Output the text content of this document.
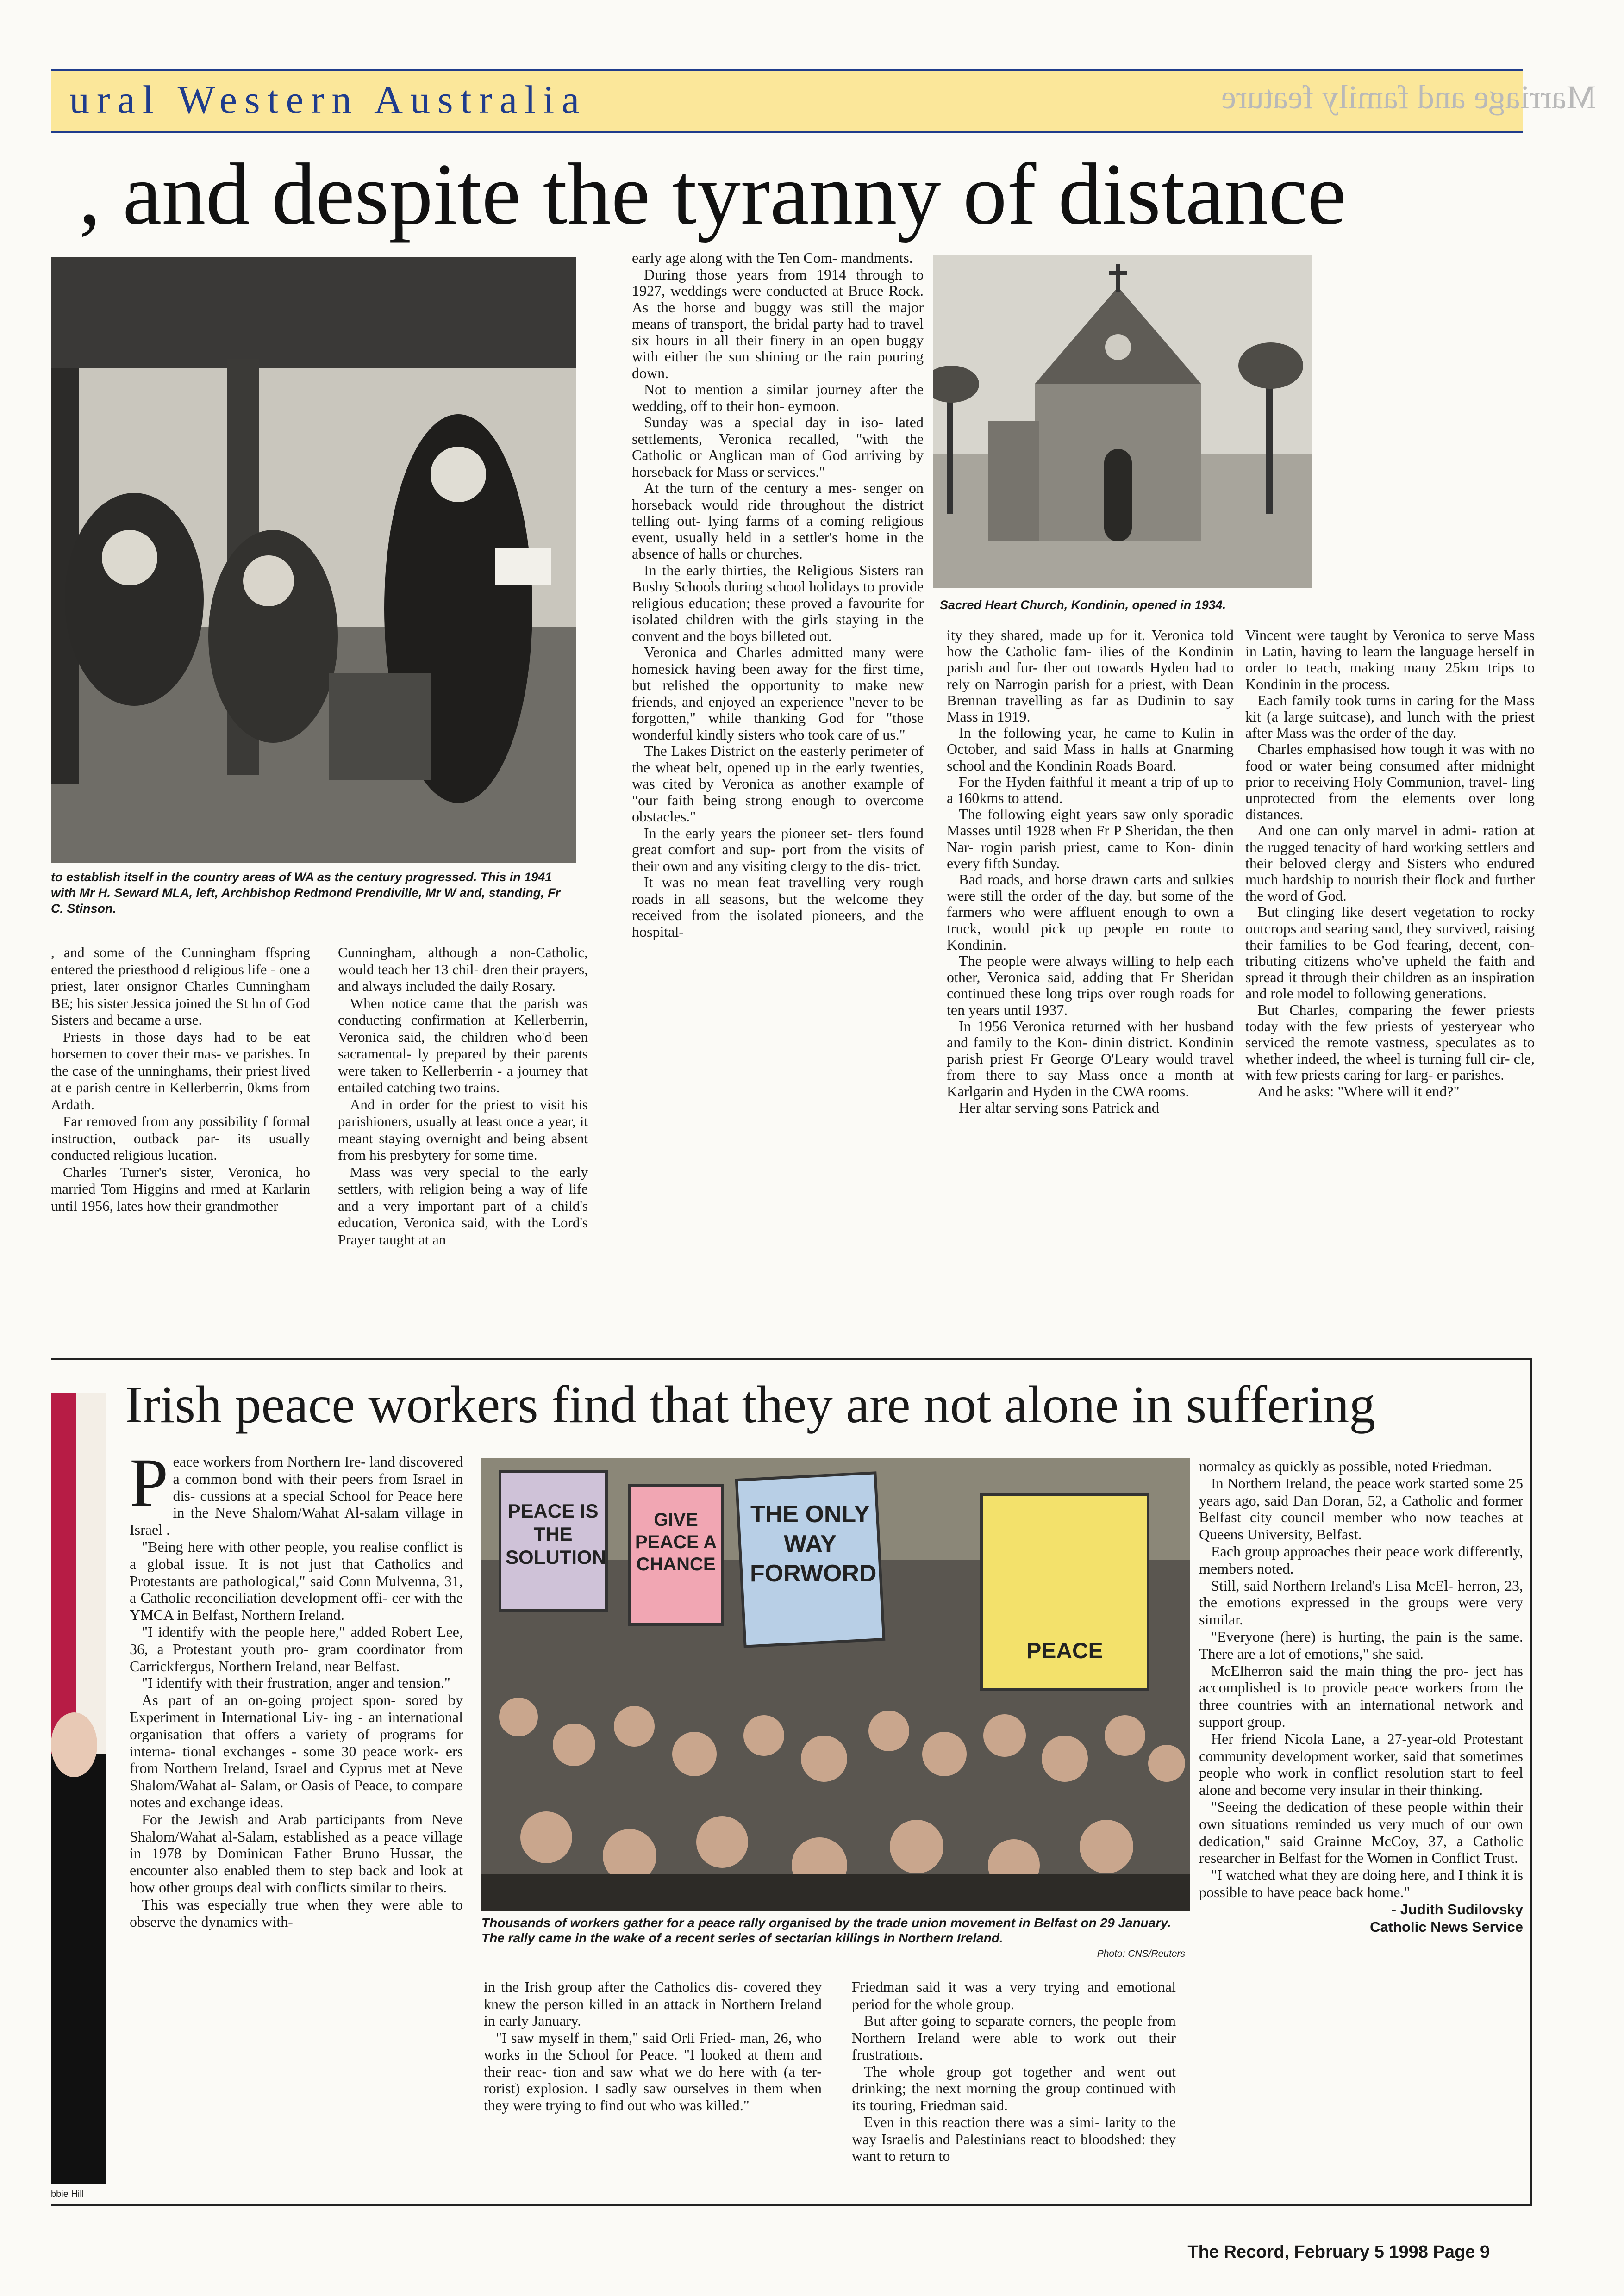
ural Western Australia	Marriage and family feature
, and despite the tyranny of distance
to establish itself in the country areas of WA as the century progressed. This in 1941 with Mr H. Seward MLA, left, Archbishop Redmond Prendiville, Mr W and, standing, Fr C. Stinson.
Sacred Heart Church, Kondinin, opened in 1934.

, and some of the Cunningham ffspring entered the priesthood d religious life - one a priest, later onsignor Charles Cunningham BE; his sister Jessica joined the St hn of God Sisters and became a urse.

Priests in those days had to be eat horsemen to cover their mas- ve parishes. In the case of the unninghams, their priest lived at e parish centre in Kellerberrin, 0kms from Ardath.

Far removed from any possibility f formal instruction, outback par- its usually conducted religious lucation.

Charles Turner's sister, Veronica, ho married Tom Higgins and rmed at Karlarin until 1956, lates how their grandmother

Cunningham, although a non-Catholic, would teach her 13 chil- dren their prayers, and always included the daily Rosary.

When notice came that the parish was conducting confirmation at Kellerberrin, Veronica said, the children who'd been sacramental- ly prepared by their parents were taken to Kellerberrin - a journey that entailed catching two trains.

And in order for the priest to visit his parishioners, usually at least once a year, it meant staying overnight and being absent from his presbytery for some time.

Mass was very special to the early settlers, with religion being a way of life and a very important part of a child's education, Veronica said, with the Lord's Prayer taught at an

early age along with the Ten Com- mandments.

During those years from 1914 through to 1927, weddings were conducted at Bruce Rock. As the horse and buggy was still the major means of transport, the bridal party had to travel six hours in all their finery in an open buggy with either the sun shining or the rain pouring down.

Not to mention a similar journey after the wedding, off to their hon- eymoon.

Sunday was a special day in iso- lated settlements, Veronica recalled, "with the Catholic or Anglican man of God arriving by horseback for Mass or services."

At the turn of the century a mes- senger on horseback would ride throughout the district telling out- lying farms of a coming religious event, usually held in a settler's home in the absence of halls or churches.

In the early thirties, the Religious Sisters ran Bushy Schools during school holidays to provide religious education; these proved a favourite for isolated children with the girls staying in the convent and the boys billeted out.

Veronica and Charles admitted many were homesick having been away for the first time, but relished the opportunity to make new friends, and enjoyed an experience "never to be forgotten," while thanking God for "those wonderful kindly sisters who took care of us."

The Lakes District on the easterly perimeter of the wheat belt, opened up in the early twenties, was cited by Veronica as another example of "our faith being strong enough to overcome obstacles."

In the early years the pioneer set- tlers found great comfort and sup- port from the visits of their own and any visiting clergy to the dis- trict.

It was no mean feat travelling very rough roads in all seasons, but the welcome they received from the isolated pioneers, and the hospital-

ity they shared, made up for it. Veronica told how the Catholic fam- ilies of the Kondinin parish and fur- ther out towards Hyden had to rely on Narrogin parish for a priest, with Dean Brennan travelling as far as Dudinin to say Mass in 1919.

In the following year, he came to Kulin in October, and said Mass in halls at Gnarming school and the Kondinin Roads Board.

For the Hyden faithful it meant a trip of up to a 160kms to attend.

The following eight years saw only sporadic Masses until 1928 when Fr P Sheridan, the then Nar- rogin parish priest, came to Kon- dinin every fifth Sunday.

Bad roads, and horse drawn carts and sulkies were still the order of the day, but some of the farmers who were affluent enough to own a truck, would pick up people en route to Kondinin.

The people were always willing to help each other, Veronica said, adding that Fr Sheridan continued these long trips over rough roads for ten years until 1937.

In 1956 Veronica returned with her husband and family to the Kon- dinin district. Kondinin parish priest Fr George O'Leary would travel from there to say Mass once a month at Karlgarin and Hyden in the CWA rooms.

Her altar serving sons Patrick and

Vincent were taught by Veronica to serve Mass in Latin, having to learn the language herself in order to teach, making many 25km trips to Kondinin in the process.

Each family took turns in caring for the Mass kit (a large suitcase), and lunch with the priest after Mass was the order of the day.

Charles emphasised how tough it was with no food or water being consumed after midnight prior to receiving Holy Communion, travel- ling unprotected from the elements over long distances.

And one can only marvel in admi- ration at the rugged tenacity of hard working settlers and their beloved clergy and Sisters who endured much hardship to nourish their flock and further the word of God.

But clinging like desert vegetation to rocky outcrops and searing sand, they survived, raising their families to be God fearing, decent, con- tributing citizens who've upheld the faith and spread it through their children as an inspiration and role model to following generations.

But Charles, comparing the fewer priests today with the few priests of yesteryear who serviced the remote vastness, speculates as to whether indeed, the wheel is turning full cir- cle, with few priests caring for larg- er parishes.

And he asks: "Where will it end?"

bbie Hill
Irish peace workers find that they are not alone in suffering

Peace workers from Northern Ire- land discovered a common bond with their peers from Israel in dis- cussions at a special School for Peace here in the Neve Shalom/Wahat Al-salam village in Israel .

"Being here with other people, you realise conflict is a global issue. It is not just that Catholics and Protestants are pathological," said Conn Mulvenna, 31, a Catholic reconciliation development offi- cer with the YMCA in Belfast, Northern Ireland.

"I identify with the people here," added Robert Lee, 36, a Protestant youth pro- gram coordinator from Carrickfergus, Northern Ireland, near Belfast.

"I identify with their frustration, anger and tension."

As part of an on-going project spon- sored by Experiment in International Liv- ing - an international organisation that offers a variety of programs for interna- tional exchanges - some 30 peace work- ers from Northern Ireland, Israel and Cyprus met at Neve Shalom/Wahat al- Salam, or Oasis of Peace, to compare notes and exchange ideas.

For the Jewish and Arab participants from Neve Shalom/Wahat al-Salam, established as a peace village in 1978 by Dominican Father Bruno Hussar, the encounter also enabled them to step back and look at how other groups deal with conflicts similar to theirs.

This was especially true when they were able to observe the dynamics with-

PEACE IS THE SOLUTION
GIVE PEACE A CHANCE
THE ONLY WAY FORWORD
PEACE
Thousands of workers gather for a peace rally organised by the trade union movement in Belfast on 29 January. The rally came in the wake of a recent series of sectarian killings in Northern Ireland.
Photo: CNS/Reuters

in the Irish group after the Catholics dis- covered they knew the person killed in an attack in Northern Ireland in early January.

"I saw myself in them," said Orli Fried- man, 26, who works in the School for Peace. "I looked at them and their reac- tion and saw what we do here with (a ter- rorist) explosion. I sadly saw ourselves in them when they were trying to find out who was killed."

Friedman said it was a very trying and emotional period for the whole group.

But after going to separate corners, the people from Northern Ireland were able to work out their frustrations.

The whole group got together and went out drinking; the next morning the group continued with its touring, Friedman said.

Even in this reaction there was a simi- larity to the way Israelis and Palestinians react to bloodshed: they want to return to

normalcy as quickly as possible, noted Friedman.

In Northern Ireland, the peace work started some 25 years ago, said Dan Doran, 52, a Catholic and former Belfast city council member who now teaches at Queens University, Belfast.

Each group approaches their peace work differently, members noted.

Still, said Northern Ireland's Lisa McEl- herron, 23, the emotions expressed in the groups were very similar.

"Everyone (here) is hurting, the pain is the same. There are a lot of emotions," she said.

McElherron said the main thing the pro- ject has accomplished is to provide peace workers from the three countries with an international network and support group.

Her friend Nicola Lane, a 27-year-old Protestant community development worker, said that sometimes people who work in conflict resolution start to feel alone and become very insular in their thinking.

"Seeing the dedication of these people within their own situations reminded us very much of our own dedication," said Grainne McCoy, 37, a Catholic researcher in Belfast for the Women in Conflict Trust.

"I watched what they are doing here, and I think it is possible to have peace back home."

- Judith Sudilovsky
Catholic News Service
The Record, February 5 1998 Page 9
